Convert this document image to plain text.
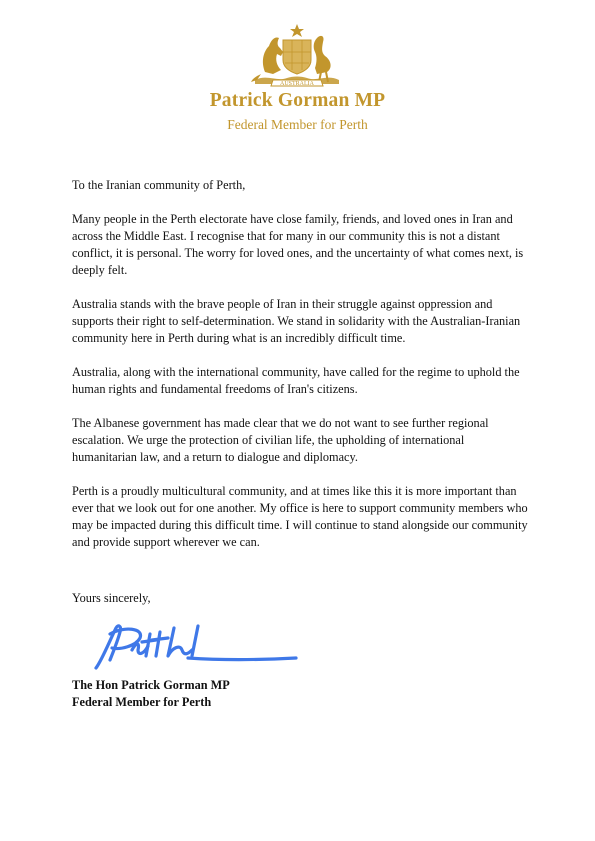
AUSTRALIA
Patrick Gorman MP
Federal Member for Perth

To the Iranian community of Perth,

Many people in the Perth electorate have close family, friends, and loved ones in Iran and across the Middle East. I recognise that for many in our community this is not a distant conflict, it is personal. The worry for loved ones, and the uncertainty of what comes next, is deeply felt.

Australia stands with the brave people of Iran in their struggle against oppression and supports their right to self-determination. We stand in solidarity with the Australian-Iranian community here in Perth during what is an incredibly difficult time.

Australia, along with the international community, have called for the regime to uphold the human rights and fundamental freedoms of Iran's citizens.

The Albanese government has made clear that we do not want to see further regional escalation. We urge the protection of civilian life, the upholding of international humanitarian law, and a return to dialogue and diplomacy.

Perth is a proudly multicultural community, and at times like this it is more important than ever that we look out for one another. My office is here to support community members who may be impacted during this difficult time. I will continue to stand alongside our community and provide support wherever we can.

Yours sincerely,
The Hon Patrick Gorman MP
Federal Member for Perth
